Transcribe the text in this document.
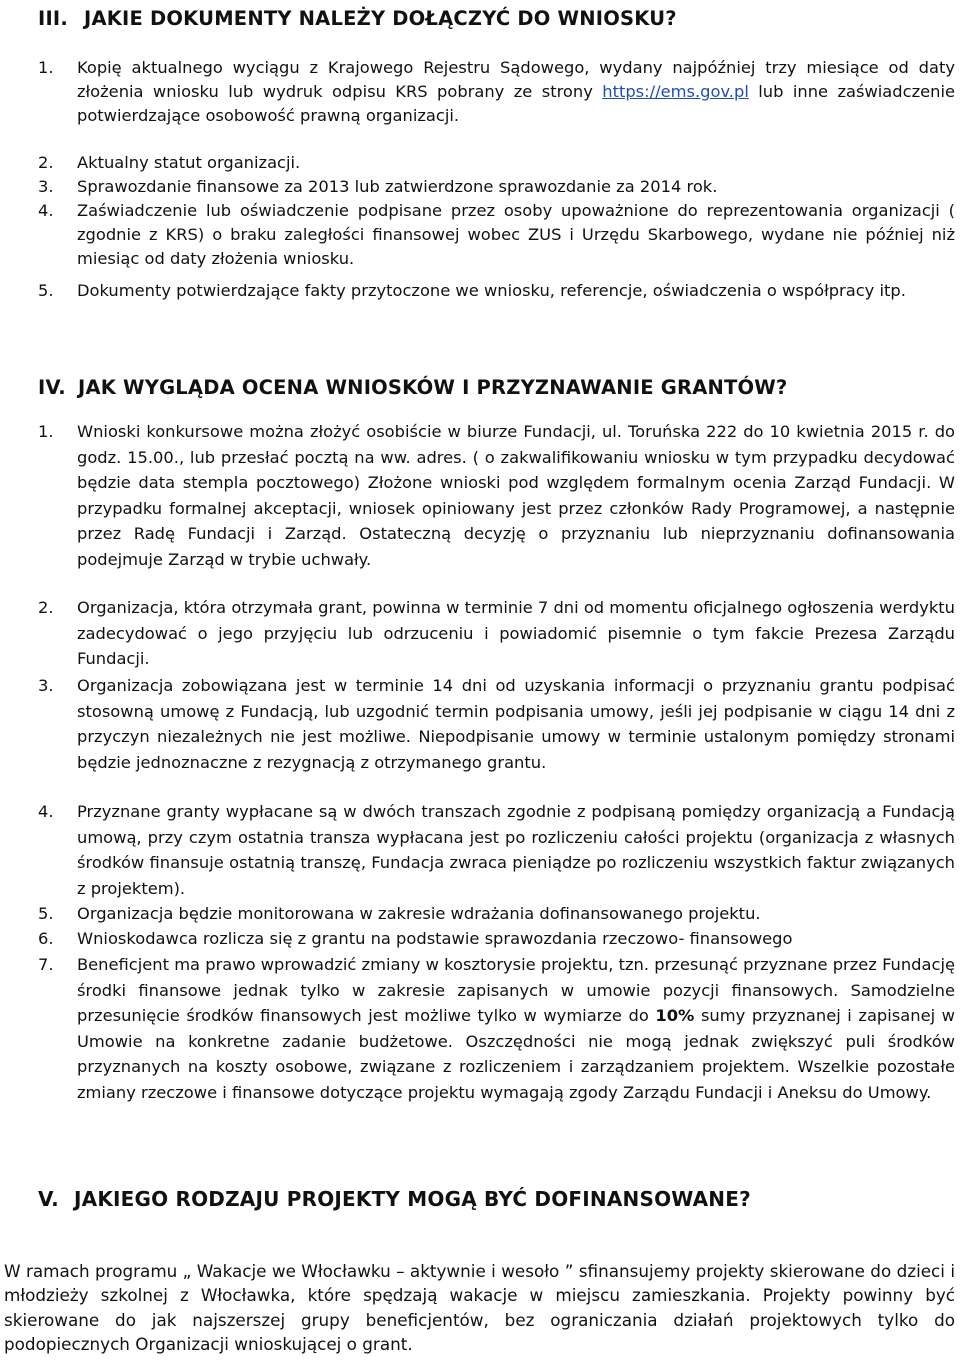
III. JAKIE DOKUMENTY NALEŻY DOŁĄCZYĆ DO WNIOSKU?
1. Kopię aktualnego wyciągu z Krajowego Rejestru Sądowego, wydany najpóźniej trzy miesiące od daty złożenia wniosku lub wydruk odpisu KRS pobrany ze strony https://ems.gov.pl lub inne zaświadczenie potwierdzające osobowość prawną organizacji.
2. Aktualny statut organizacji.
3. Sprawozdanie finansowe za 2013 lub zatwierdzone sprawozdanie za 2014 rok.
4. Zaświadczenie lub oświadczenie podpisane przez osoby upoważnione do reprezentowania organizacji ( zgodnie z KRS) o braku zaległości finansowej wobec ZUS i Urzędu Skarbowego, wydane nie później niż miesiąc od daty złożenia wniosku.
5. Dokumenty potwierdzające fakty przytoczone we wniosku, referencje, oświadczenia o współpracy itp.
IV. JAK WYGLĄDA OCENA WNIOSKÓW I PRZYZNAWANIE GRANTÓW?
1. Wnioski konkursowe można złożyć osobiście w biurze Fundacji, ul. Toruńska 222 do 10 kwietnia 2015 r. do godz. 15.00., lub przesłać pocztą na ww. adres. ( o zakwalifikowaniu wniosku w tym przypadku decydować będzie data stempla pocztowego) Złożone wnioski pod względem formalnym ocenia Zarząd Fundacji. W przypadku formalnej akceptacji, wniosek opiniowany jest przez członków Rady Programowej, a następnie przez Radę Fundacji i Zarząd. Ostateczną decyzję o przyznaniu lub nieprzyznaniu dofinansowania podejmuje Zarząd w trybie uchwały.
2. Organizacja, która otrzymała grant, powinna w terminie 7 dni od momentu oficjalnego ogłoszenia werdyktu zadecydować o jego przyjęciu lub odrzuceniu i powiadomić pisemnie o tym fakcie Prezesa Zarządu Fundacji.
3. Organizacja zobowiązana jest w terminie 14 dni od uzyskania informacji o przyznaniu grantu podpisać stosowną umowę z Fundacją, lub uzgodnić termin podpisania umowy, jeśli jej podpisanie w ciągu 14 dni z przyczyn niezależnych nie jest możliwe. Niepodpisanie umowy w terminie ustalonym pomiędzy stronami będzie jednoznaczne z rezygnacją z otrzymanego grantu.
4. Przyznane granty wypłacane są w dwóch transzach zgodnie z podpisaną pomiędzy organizacją a Fundacją umową, przy czym ostatnia transza wypłacana jest po rozliczeniu całości projektu (organizacja z własnych środków finansuje ostatnią transzę, Fundacja zwraca pieniądze po rozliczeniu wszystkich faktur związanych z projektem).
5. Organizacja będzie monitorowana w zakresie wdrażania dofinansowanego projektu.
6. Wnioskodawca rozlicza się z grantu na podstawie sprawozdania rzeczowo- finansowego
7. Beneficjent ma prawo wprowadzić zmiany w kosztorysie projektu, tzn. przesunąć przyznane przez Fundację środki finansowe jednak tylko w zakresie zapisanych w umowie pozycji finansowych. Samodzielne przesunięcie środków finansowych jest możliwe tylko w wymiarze do 10% sumy przyznanej i zapisanej w Umowie na konkretne zadanie budżetowe. Oszczędności nie mogą jednak zwiększyć puli środków przyznanych na koszty osobowe, związane z rozliczeniem i zarządzaniem projektem. Wszelkie pozostałe zmiany rzeczowe i finansowe dotyczące projektu wymagają zgody Zarządu Fundacji i Aneksu do Umowy.
V. JAKIEGO RODZAJU PROJEKTY MOGĄ BYĆ DOFINANSOWANE?
W ramach programu „ Wakacje we Włocławku – aktywnie i wesoło ” sfinansujemy projekty skierowane do dzieci i młodzieży szkolnej z Włocławka, które spędzają wakacje w miejscu zamieszkania. Projekty powinny być skierowane do jak najszerszej grupy beneficjentów, bez ograniczania działań projektowych tylko do podopiecznych Organizacji wnioskującej o grant.
